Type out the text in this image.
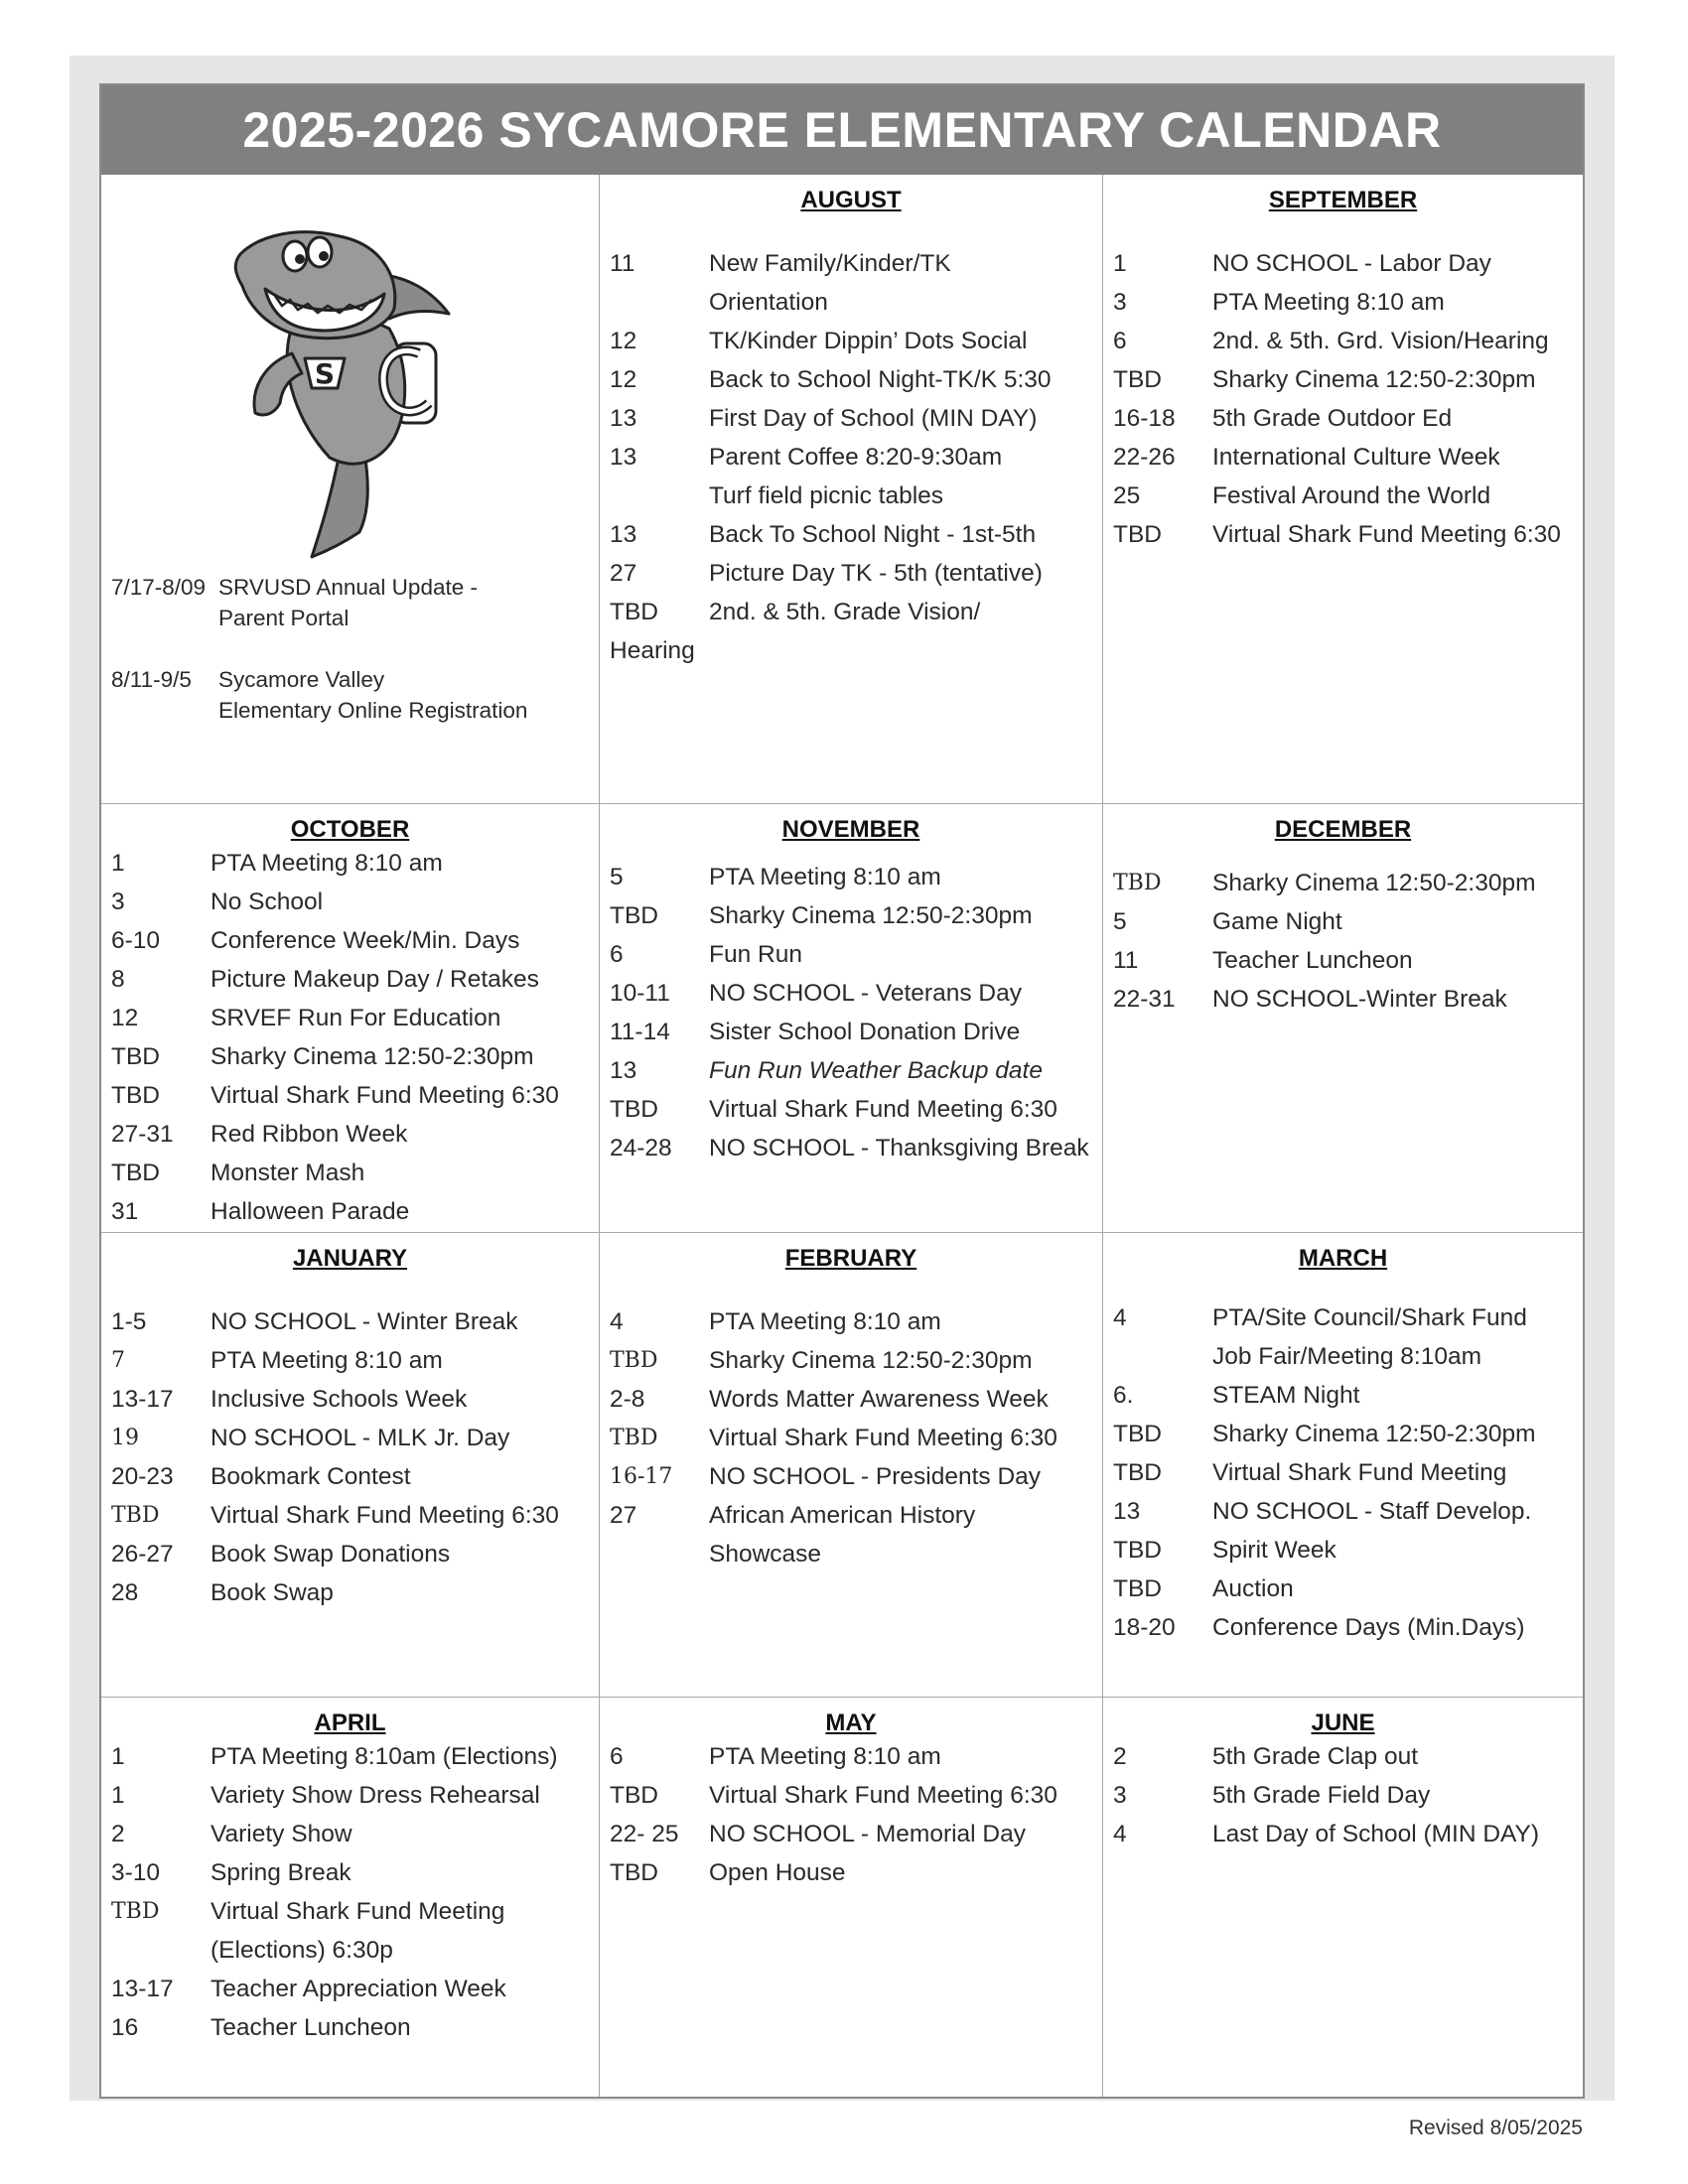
2025-2026 SYCAMORE ELEMENTARY CALENDAR
S
7/17-8/09 SRVUSD Annual Update -
Parent Portal
8/11-9/5	Sycamore Valley
Elementary Online Registration
AUGUST
11	New Family/Kinder/TK
Orientation
12	TK/Kinder Dippin’ Dots Social
12	Back to School Night-TK/K 5:30
13	First Day of School (MIN DAY)
13	Parent Coffee 8:20-9:30am
Turf field picnic tables
13	Back To School Night - 1st-5th
27	Picture Day TK - 5th (tentative)
TBD	2nd. & 5th. Grade Vision/
Hearing
SEPTEMBER
1	NO SCHOOL - Labor Day
3	PTA Meeting 8:10 am
6	2nd. & 5th. Grd. Vision/Hearing
TBD	Sharky Cinema 12:50-2:30pm
16-18	5th Grade Outdoor Ed
22-26	International Culture Week
25	Festival Around the World
TBD	Virtual Shark Fund Meeting 6:30
OCTOBER
1	PTA Meeting 8:10 am
3	No School
6-10	Conference Week/Min. Days
8	Picture Makeup Day / Retakes
12	SRVEF Run For Education
TBD	Sharky Cinema 12:50-2:30pm
TBD	Virtual Shark Fund Meeting 6:30
27-31	Red Ribbon Week
TBD	Monster Mash
31	Halloween Parade
NOVEMBER
5	PTA Meeting 8:10 am
TBD	Sharky Cinema 12:50-2:30pm
6	Fun Run
10-11	NO SCHOOL - Veterans Day
11-14	Sister School Donation Drive
13	Fun Run Weather Backup date
TBD	Virtual Shark Fund Meeting 6:30
24-28	NO SCHOOL - Thanksgiving Break
DECEMBER
TBD	Sharky Cinema 12:50-2:30pm
5	Game Night
11	Teacher Luncheon
22-31	NO SCHOOL-Winter Break
JANUARY
1-5	NO SCHOOL - Winter Break
7	PTA Meeting 8:10 am
13-17	Inclusive Schools Week
19	NO SCHOOL - MLK Jr. Day
20-23	Bookmark Contest
TBD	Virtual Shark Fund Meeting 6:30
26-27	Book Swap Donations
28	Book Swap
FEBRUARY
4	PTA Meeting 8:10 am
TBD	Sharky Cinema 12:50-2:30pm
2-8	Words Matter Awareness Week
TBD	Virtual Shark Fund Meeting 6:30
16-17	NO SCHOOL - Presidents Day
27	African American History
Showcase
MARCH
4	PTA/Site Council/Shark Fund
Job Fair/Meeting 8:10am
6.	STEAM Night
TBD	Sharky Cinema 12:50-2:30pm
TBD	Virtual Shark Fund Meeting
13	NO SCHOOL - Staff Develop.
TBD	Spirit Week
TBD	Auction
18-20	Conference Days (Min.Days)
APRIL
1	PTA Meeting 8:10am (Elections)
1	Variety Show Dress Rehearsal
2	Variety Show
3-10	Spring Break
TBD	Virtual Shark Fund Meeting
(Elections) 6:30p
13-17	Teacher Appreciation Week
16	Teacher Luncheon
MAY
6	PTA Meeting 8:10 am
TBD	Virtual Shark Fund Meeting 6:30
22- 25	NO SCHOOL - Memorial Day
TBD	Open House
JUNE
2	5th Grade Clap out
3	5th Grade Field Day
4	Last Day of School (MIN DAY)
Revised 8/05/2025
